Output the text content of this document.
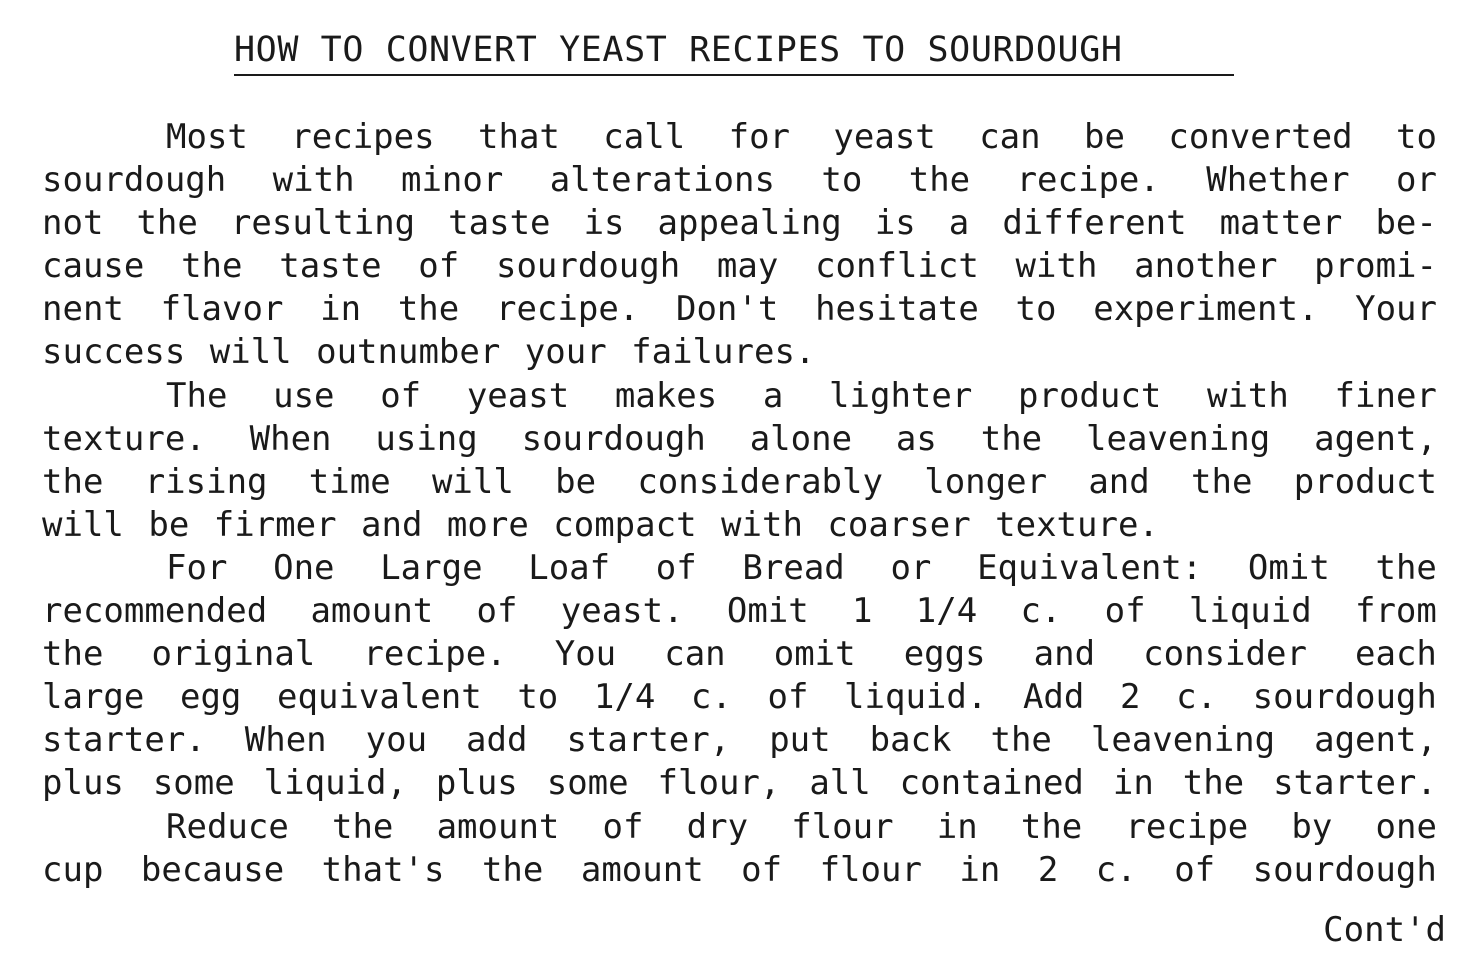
HOW TO CONVERT YEAST RECIPES TO SOURDOUGH
Most recipes that call for yeast can be converted to
sourdough with minor alterations to the recipe. Whether or
not the resulting taste is appealing is a different matter be-
cause the taste of sourdough may conflict with another promi-
nent flavor in the recipe. Don't hesitate to experiment. Your
success will outnumber your failures.
The use of yeast makes a lighter product with finer
texture. When using sourdough alone as the leavening agent,
the rising time will be considerably longer and the product
will be firmer and more compact with coarser texture.
For One Large Loaf of Bread or Equivalent: Omit the
recommended amount of yeast. Omit 1 1/4 c. of liquid from
the original recipe. You can omit eggs and consider each
large egg equivalent to 1/4 c. of liquid. Add 2 c. sourdough
starter. When you add starter, put back the leavening agent,
plus some liquid, plus some flour, all contained in the starter.
Reduce the amount of dry flour in the recipe by one
cup because that's the amount of flour in 2 c. of sourdough
Cont'd
